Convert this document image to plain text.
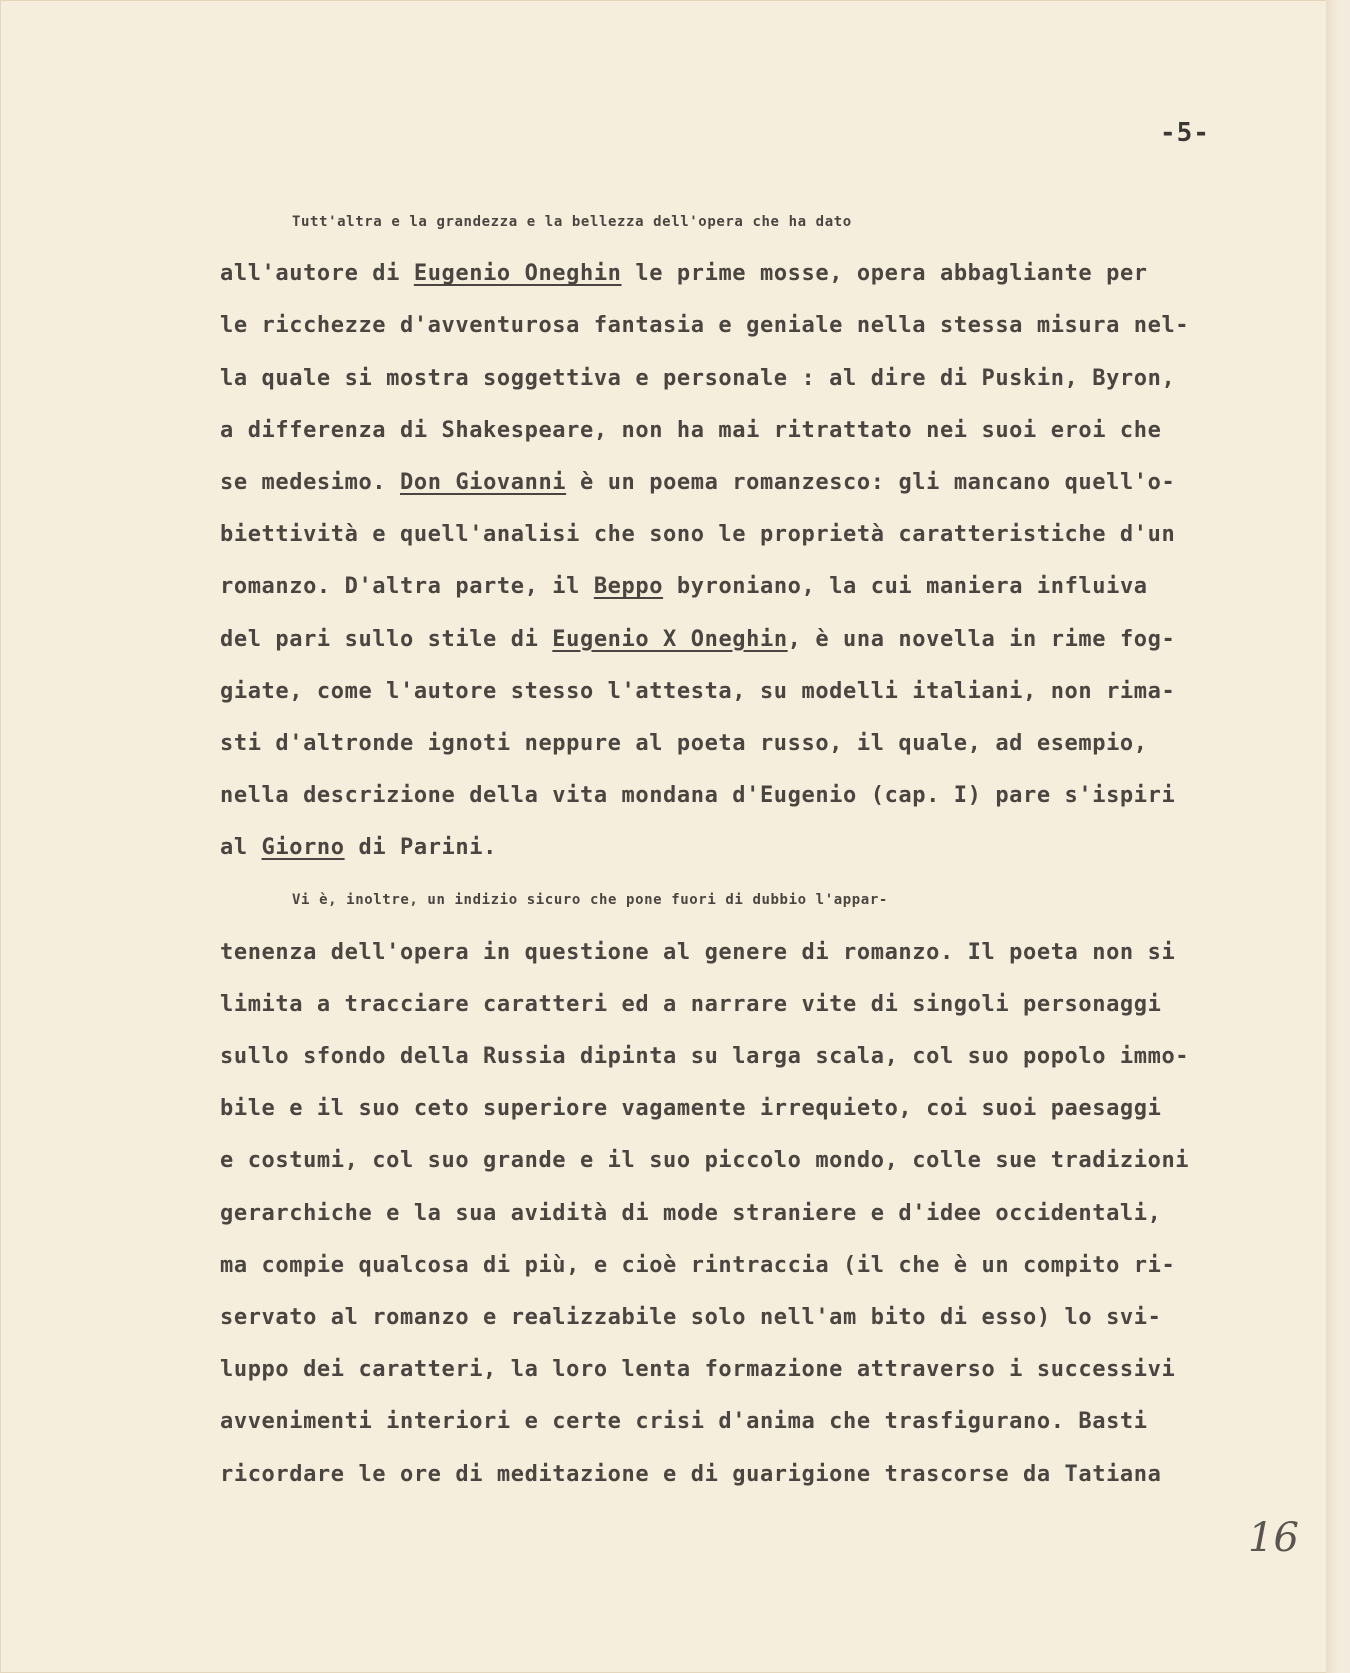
-5-
Tutt'altra e la grandezza e la bellezza dell'opera che ha dato
all'autore di Eugenio Oneghin le prime mosse, opera abbagliante per
le ricchezze d'avventurosa fantasia e geniale nella stessa misura nel-
la quale si mostra soggettiva e personale : al dire di Puskin, Byron,
a differenza di Shakespeare, non ha mai ritrattato nei suoi eroi che
se medesimo. Don Giovanni è un poema romanzesco: gli mancano quell'o-
biettività e quell'analisi che sono le proprietà caratteristiche d'un
romanzo. D'altra parte, il Beppo byroniano, la cui maniera influiva
del pari sullo stile di Eugenio X Oneghin, è una novella in rime fog-
giate, come l'autore stesso l'attesta, su modelli italiani, non rima-
sti d'altronde ignoti neppure al poeta russo, il quale, ad esempio,
nella descrizione della vita mondana d'Eugenio (cap. I) pare s'ispiri
al Giorno di Parini.
Vi è, inoltre, un indizio sicuro che pone fuori di dubbio l'appar-
tenenza dell'opera in questione al genere di romanzo. Il poeta non si
limita a tracciare caratteri ed a narrare vite di singoli personaggi
sullo sfondo della Russia dipinta su larga scala, col suo popolo immo-
bile e il suo ceto superiore vagamente irrequieto, coi suoi paesaggi
e costumi, col suo grande e il suo piccolo mondo, colle sue tradizioni
gerarchiche e la sua avidità di mode straniere e d'idee occidentali,
ma compie qualcosa di più, e cioè rintraccia (il che è un compito ri-
servato al romanzo e realizzabile solo nell'am bito di esso) lo svi-
luppo dei caratteri, la loro lenta formazione attraverso i successivi
avvenimenti interiori e certe crisi d'anima che trasfigurano. Basti
ricordare le ore di meditazione e di guarigione trascorse da Tatiana
16
